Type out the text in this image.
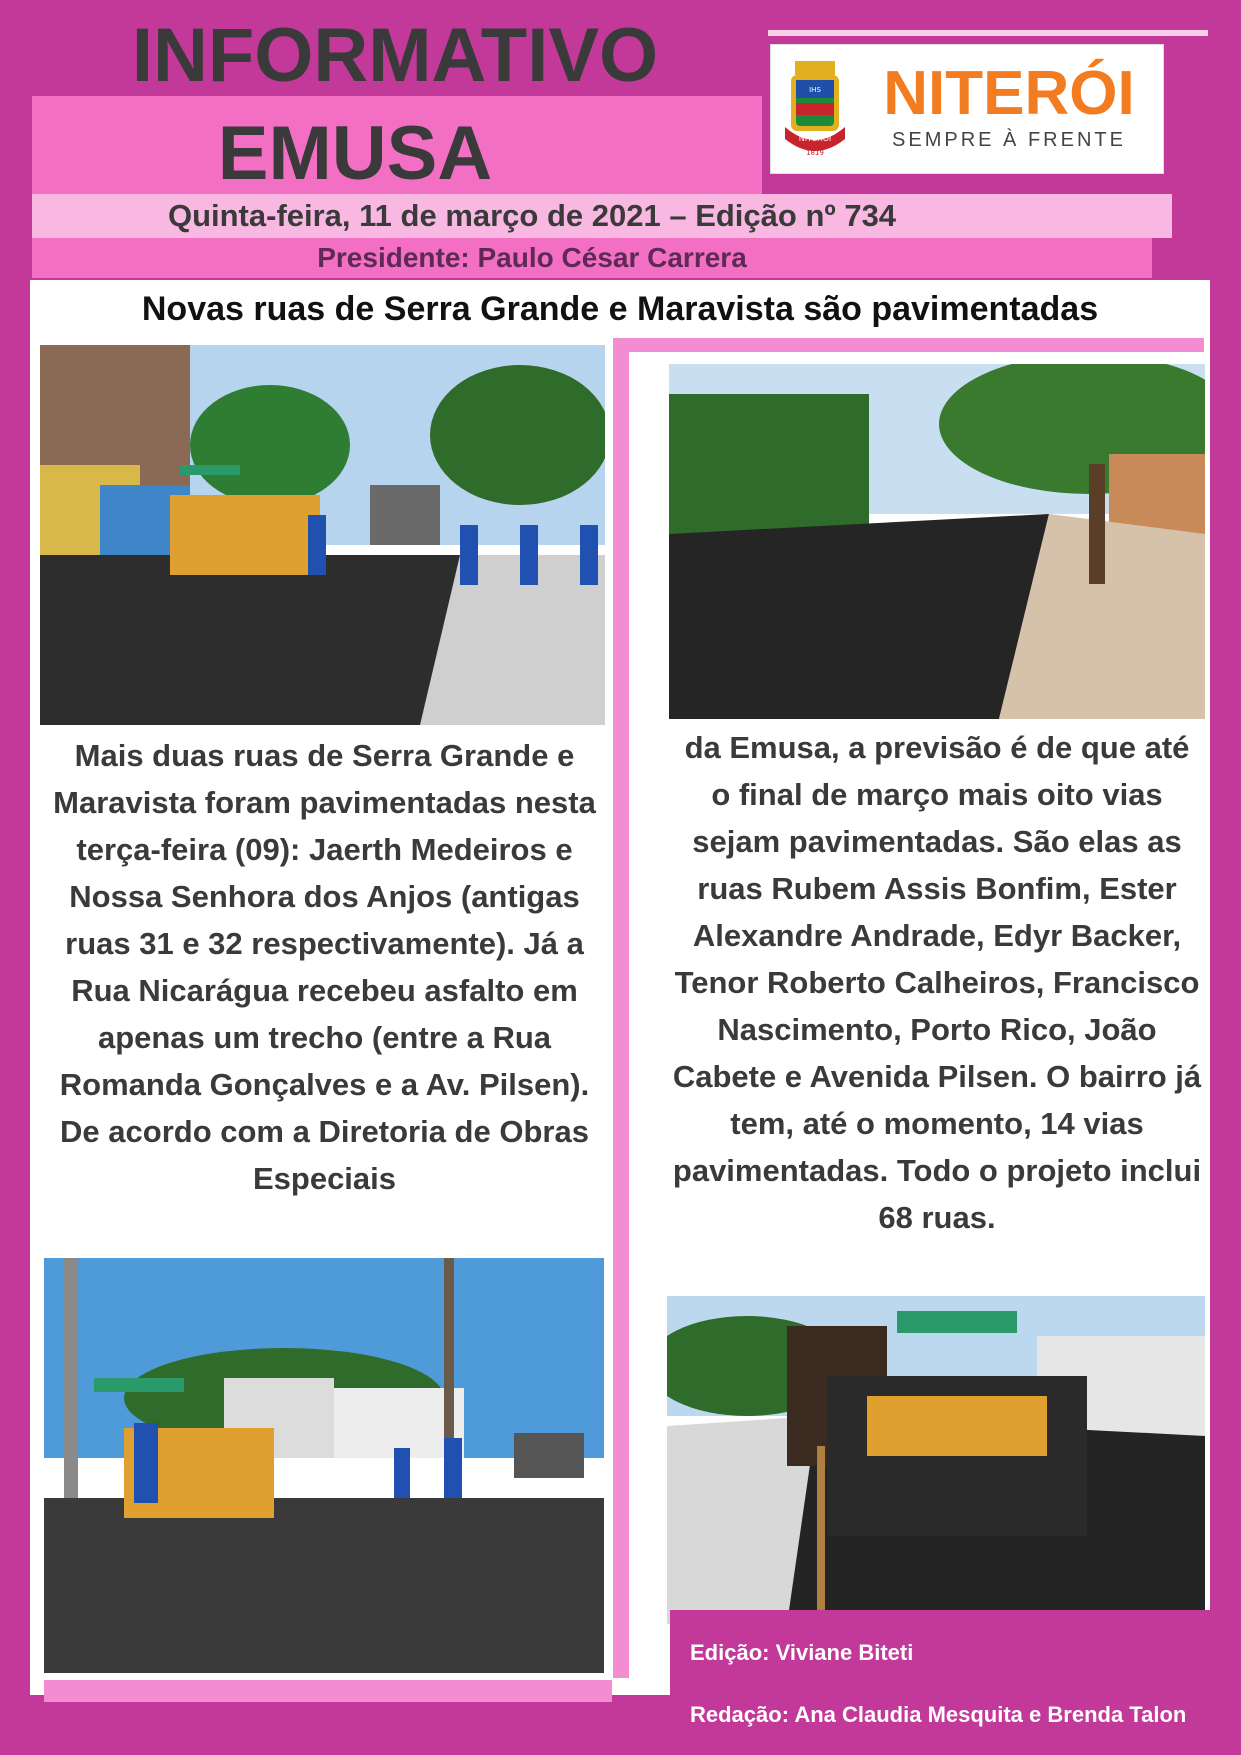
INFORMATIVO
EMUSA
Quinta-feira, 11 de março de 2021 – Edição nº 734
Presidente: Paulo César Carrera
NITERÓI
1819
IHS	NITERÓI
SEMPRE À FRENTE
Novas ruas de Serra Grande e Maravista são pavimentadas

Mais duas ruas de Serra Grande e Maravista foram pavimentadas nesta terça-feira (09): Jaerth Medeiros e Nossa Senhora dos Anjos (antigas ruas 31 e 32 respectivamente). Já a Rua Nicarágua recebeu asfalto em apenas um trecho (entre a Rua Romanda Gonçalves e a Av. Pilsen). De acordo com a Diretoria de Obras Especiais

da Emusa, a previsão é de que até o final de março mais oito vias sejam pavimentadas. São elas as ruas Rubem Assis Bonfim, Ester Alexandre Andrade, Edyr Backer, Tenor Roberto Calheiros, Francisco Nascimento, Porto Rico, João Cabete e Avenida Pilsen. O bairro já tem, até o momento, 14 vias pavimentadas. Todo o projeto inclui 68 ruas.

Edição: Viviane Biteti
Redação: Ana Claudia Mesquita e Brenda Talon
